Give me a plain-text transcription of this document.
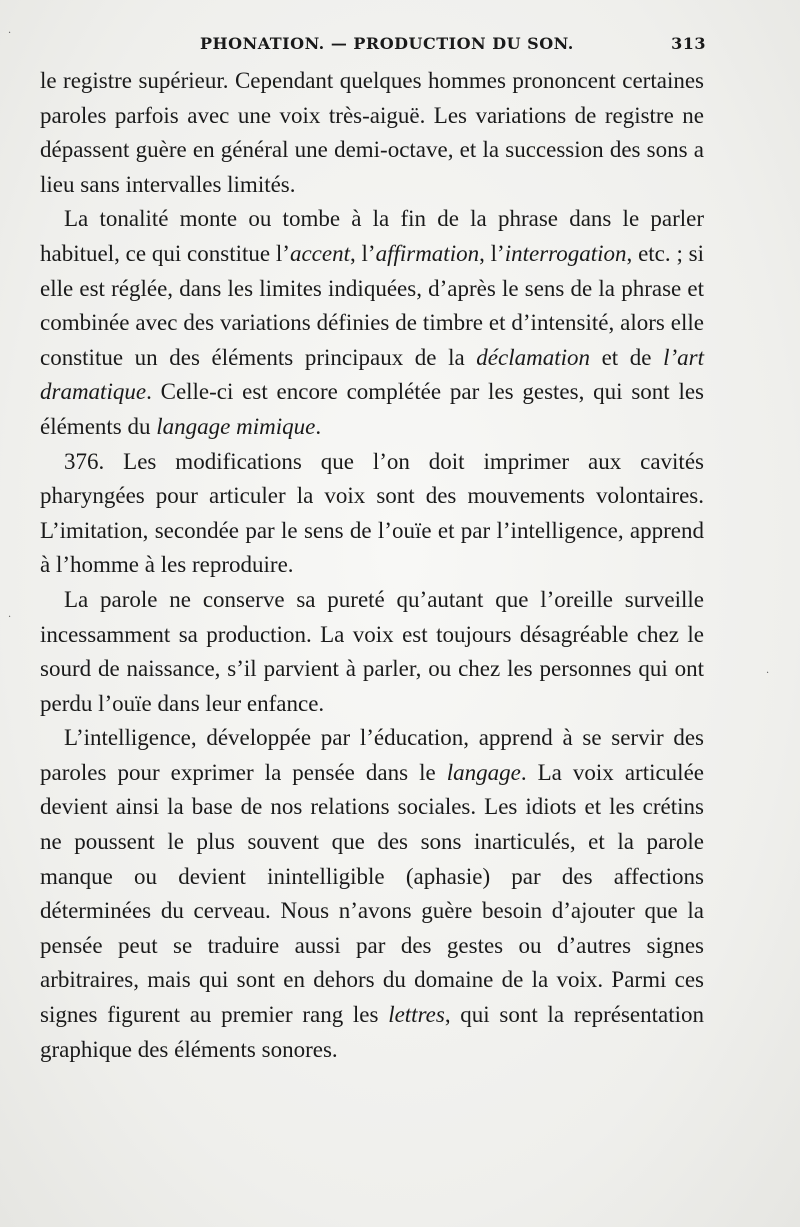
PHONATION. — PRODUCTION DU SON.	313

le registre supérieur. Cependant quelques hommes prononcent certaines paroles parfois avec une voix très-aiguë. Les variations de registre ne dépassent guère en général une demi-octave, et la succession des sons a lieu sans intervalles limités.

La tonalité monte ou tombe à la fin de la phrase dans le parler habituel, ce qui constitue l’accent, l’affirmation, l’interrogation, etc. ; si elle est réglée, dans les limites indiquées, d’après le sens de la phrase et combinée avec des variations définies de timbre et d’intensité, alors elle constitue un des éléments principaux de la déclamation et de l’art dramatique. Celle-ci est encore complétée par les gestes, qui sont les éléments du langage mimique.

376. Les modifications que l’on doit imprimer aux cavités pharyngées pour articuler la voix sont des mouvements volontaires. L’imitation, secondée par le sens de l’ouïe et par l’intelligence, apprend à l’homme à les reproduire.

La parole ne conserve sa pureté qu’autant que l’oreille surveille incessamment sa production. La voix est toujours désagréable chez le sourd de naissance, s’il parvient à parler, ou chez les personnes qui ont perdu l’ouïe dans leur enfance.

L’intelligence, développée par l’éducation, apprend à se servir des paroles pour exprimer la pensée dans le langage. La voix articulée devient ainsi la base de nos relations sociales. Les idiots et les crétins ne poussent le plus souvent que des sons inarticulés, et la parole manque ou devient inintelligible (aphasie) par des affections déterminées du cerveau. Nous n’avons guère besoin d’ajouter que la pensée peut se traduire aussi par des gestes ou d’autres signes arbitraires, mais qui sont en dehors du domaine de la voix. Parmi ces signes figurent au premier rang les lettres, qui sont la représentation graphique des éléments sonores.

·
·
·
